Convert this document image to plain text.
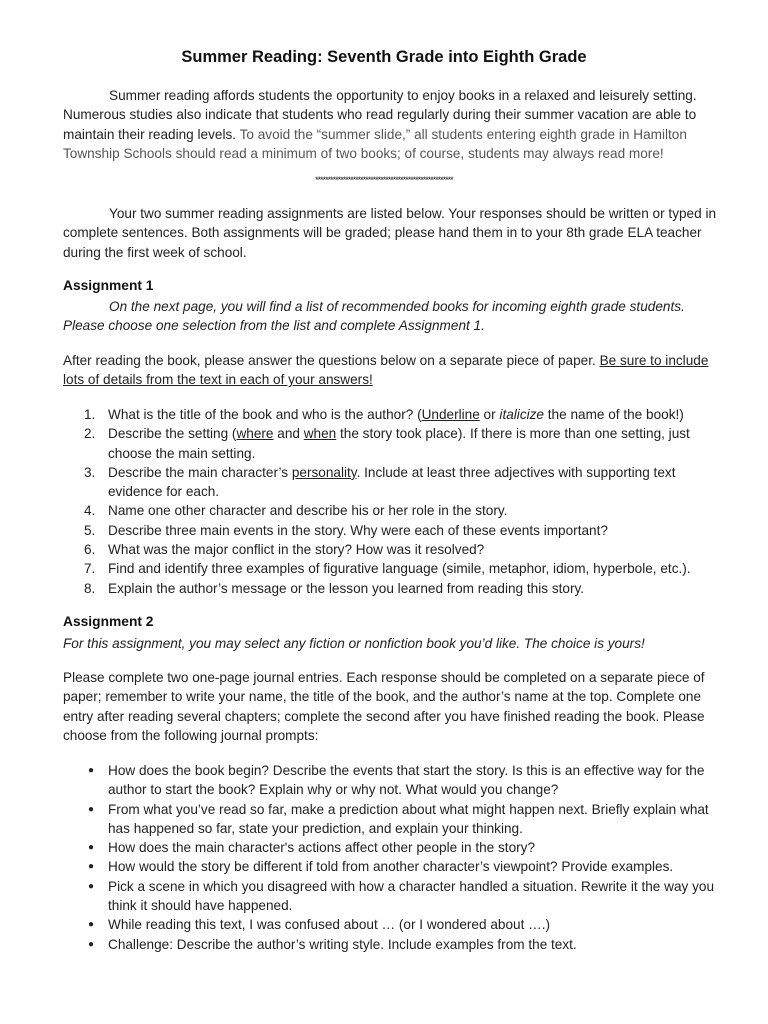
Summer Reading: Seventh Grade into Eighth Grade

Summer reading affords students the opportunity to enjoy books in a relaxed and leisurely setting. Numerous studies also indicate that students who read regularly during their summer vacation are able to maintain their reading levels. To avoid the “summer slide,” all students entering eighth grade in Hamilton Township Schools should read a minimum of two books; of course, students may always read more!

*******************************************************

Your two summer reading assignments are listed below. Your responses should be written or typed in complete sentences. Both assignments will be graded; please hand them in to your 8th grade ELA teacher during the first week of school.

Assignment 1

On the next page, you will find a list of recommended books for incoming eighth grade students. Please choose one selection from the list and complete Assignment 1.

After reading the book, please answer the questions below on a separate piece of paper. Be sure to include lots of details from the text in each of your answers!

1. What is the title of the book and who is the author? (Underline or italicize the name of the book!)
2. Describe the setting (where and when the story took place). If there is more than one setting, just choose the main setting.
3. Describe the main character’s personality. Include at least three adjectives with supporting text evidence for each.
4. Name one other character and describe his or her role in the story.
5. Describe three main events in the story. Why were each of these events important?
6. What was the major conflict in the story? How was it resolved?
7. Find and identify three examples of figurative language (simile, metaphor, idiom, hyperbole, etc.).
8. Explain the author’s message or the lesson you learned from reading this story.
Assignment 2

For this assignment, you may select any fiction or nonfiction book you’d like. The choice is yours!

Please complete two one-page journal entries. Each response should be completed on a separate piece of paper; remember to write your name, the title of the book, and the author’s name at the top. Complete one entry after reading several chapters; complete the second after you have finished reading the book. Please choose from the following journal prompts:

● How does the book begin? Describe the events that start the story. Is this is an effective way for the author to start the book? Explain why or why not. What would you change?
● From what you’ve read so far, make a prediction about what might happen next. Briefly explain what has happened so far, state your prediction, and explain your thinking.
● How does the main character's actions affect other people in the story?
● How would the story be different if told from another character’s viewpoint? Provide examples.
● Pick a scene in which you disagreed with how a character handled a situation. Rewrite it the way you think it should have happened.
● While reading this text, I was confused about … (or I wondered about ….)
● Challenge: Describe the author’s writing style. Include examples from the text.
